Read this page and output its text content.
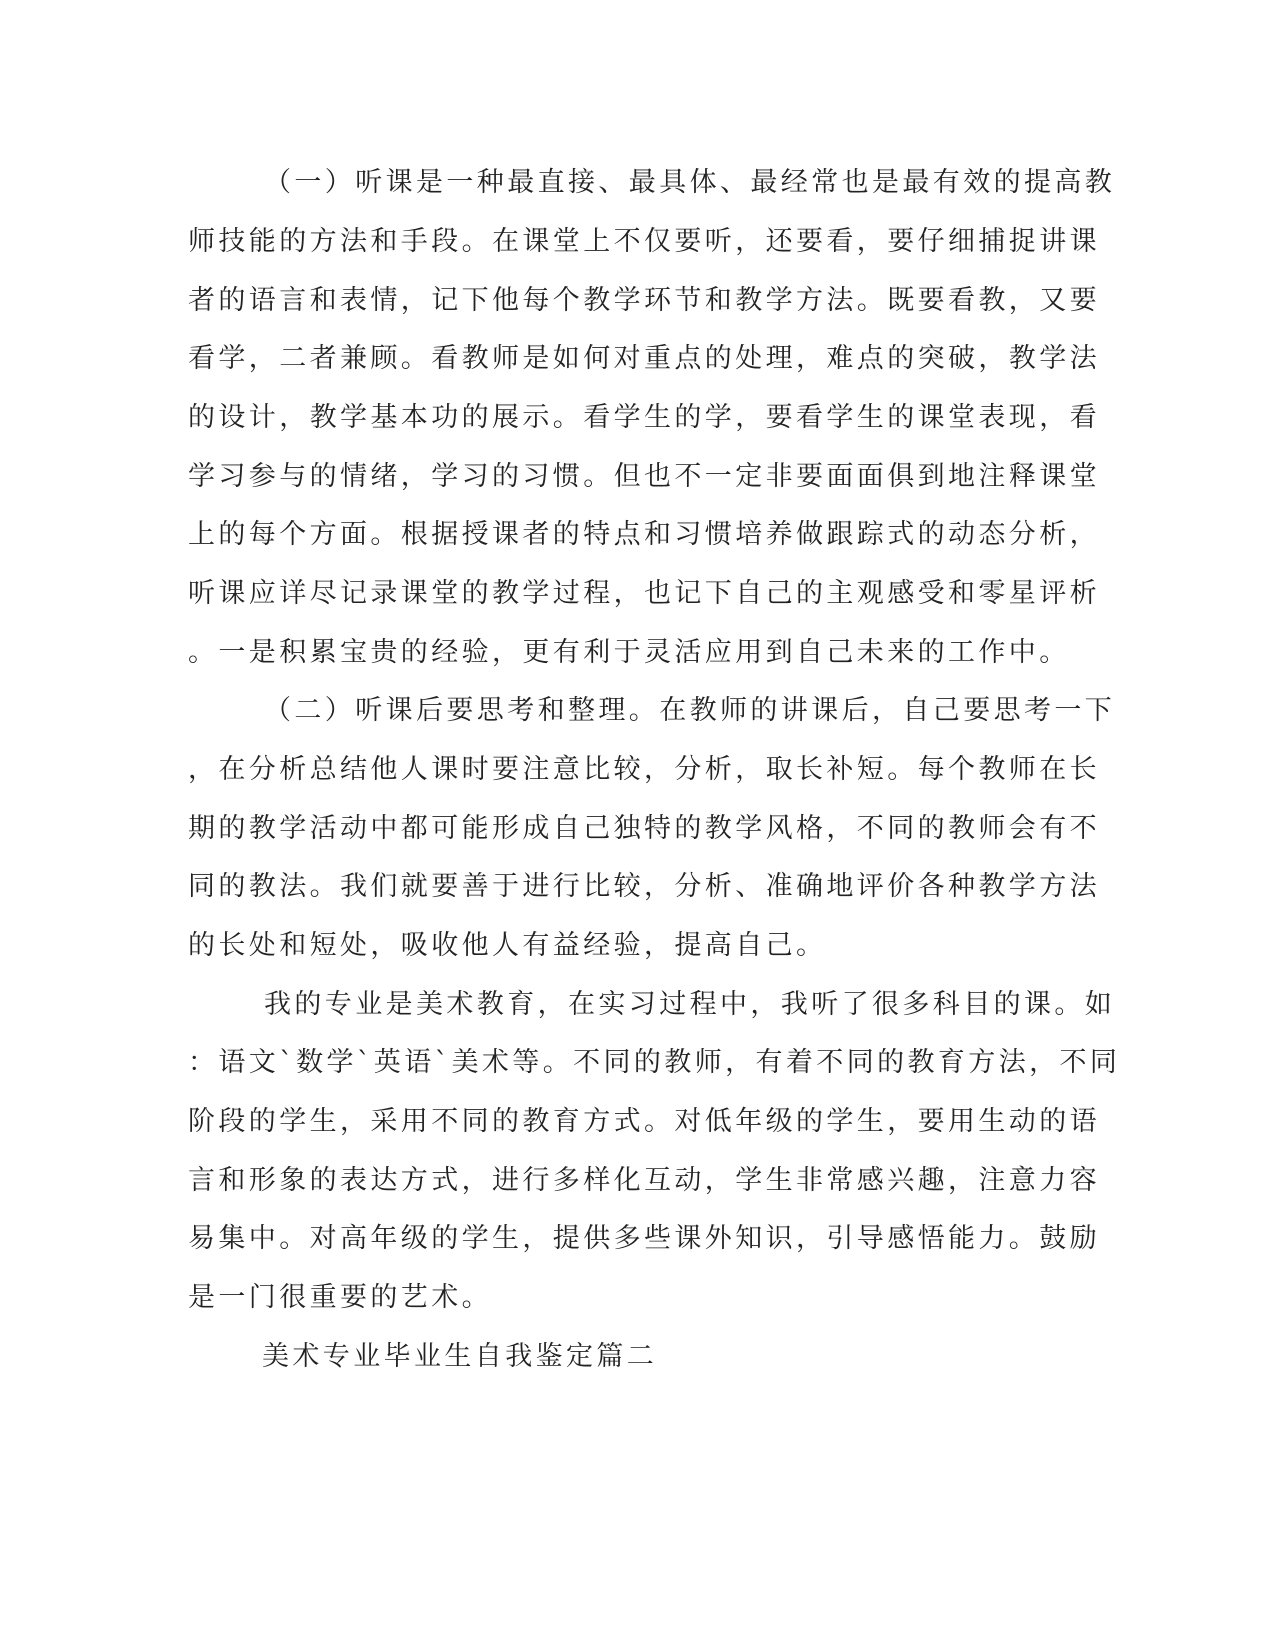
（一）听课是一种最直接、最具体、最经常也是最有效的提高教
师技能的方法和手段。在课堂上不仅要听，还要看，要仔细捕捉讲课
者的语言和表情，记下他每个教学环节和教学方法。既要看教，又要
看学，二者兼顾。看教师是如何对重点的处理，难点的突破，教学法
的设计，教学基本功的展示。看学生的学，要看学生的课堂表现，看
学习参与的情绪，学习的习惯。但也不一定非要面面俱到地注释课堂
上的每个方面。根据授课者的特点和习惯培养做跟踪式的动态分析，
听课应详尽记录课堂的教学过程，也记下自己的主观感受和零星评析
。一是积累宝贵的经验，更有利于灵活应用到自己未来的工作中。
（二）听课后要思考和整理。在教师的讲课后，自己要思考一下
，在分析总结他人课时要注意比较，分析，取长补短。每个教师在长
期的教学活动中都可能形成自己独特的教学风格，不同的教师会有不
同的教法。我们就要善于进行比较，分析、准确地评价各种教学方法
的长处和短处，吸收他人有益经验，提高自己。
我的专业是美术教育，在实习过程中，我听了很多科目的课。如
：语文`数学`英语`美术等。不同的教师，有着不同的教育方法，不同
阶段的学生，采用不同的教育方式。对低年级的学生，要用生动的语
言和形象的表达方式，进行多样化互动，学生非常感兴趣，注意力容
易集中。对高年级的学生，提供多些课外知识，引导感悟能力。鼓励
是一门很重要的艺术。
美术专业毕业生自我鉴定篇二
